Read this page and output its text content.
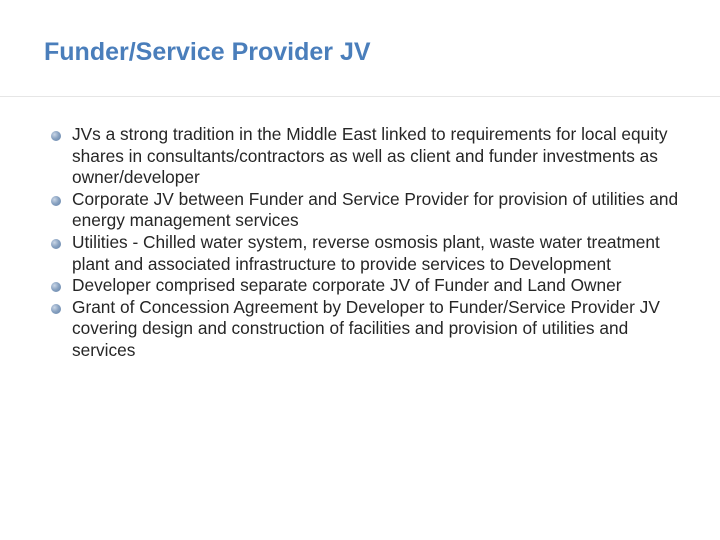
Funder/Service Provider JV
JVs a strong tradition in the Middle East linked to requirements for local equity shares in consultants/contractors as well as client and funder investments as owner/developer
Corporate JV between Funder and Service Provider for provision of utilities and energy management services
Utilities - Chilled water system, reverse osmosis plant, waste water treatment plant and associated infrastructure to provide services to Development
Developer comprised separate corporate JV of Funder and Land Owner
Grant of Concession Agreement by Developer to Funder/Service Provider JV covering design and construction of facilities and provision of utilities and services
